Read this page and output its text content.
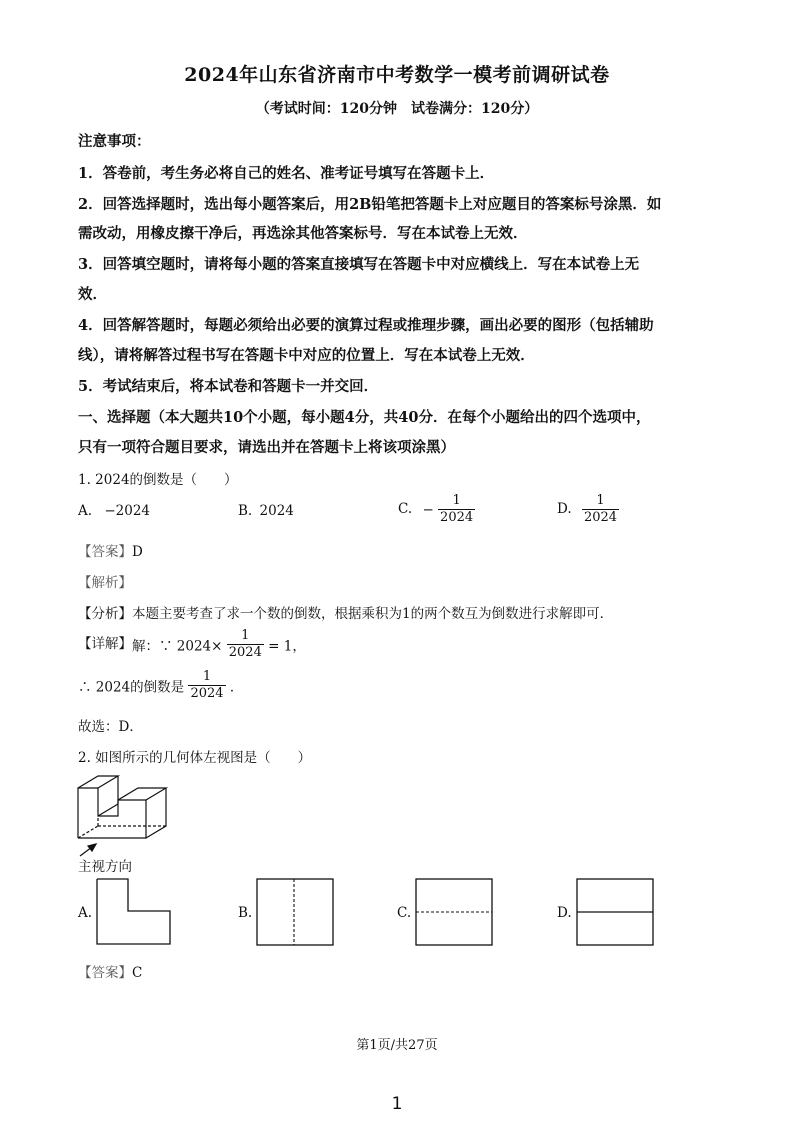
2024年山东省济南市中考数学一模考前调研试卷
（考试时间：120分钟　试卷满分：120分）
注意事项：
1．答卷前，考生务必将自己的姓名、准考证号填写在答题卡上．
2．回答选择题时，选出每小题答案后，用2B铅笔把答题卡上对应题目的答案标号涂黑．如
需改动，用橡皮擦干净后，再选涂其他答案标号．写在本试卷上无效．
3．回答填空题时，请将每小题的答案直接填写在答题卡中对应横线上．写在本试卷上无
效．
4．回答解答题时，每题必须给出必要的演算过程或推理步骤，画出必要的图形（包括辅助
线），请将解答过程书写在答题卡中对应的位置上．写在本试卷上无效．
5．考试结束后，将本试卷和答题卡一并交回．
一、选择题（本大题共10个小题，每小题4分，共40分．在每个小题给出的四个选项中，
只有一项符合题目要求，请选出并在答题卡上将该项涂黑）
1. 2024的倒数是（　　）
A. −2024	B. 2024	C. − $\frac{1}{2024}$	D. $\frac{1}{2024}$
【答案】D
【解析】
【分析】本题主要考查了求一个数的倒数，根据乘积为1的两个数互为倒数进行求解即可．
【详解】解：∵ $2024\times \frac{1}{2024} = 1$，
∴ 2024的倒数是 $\frac{1}{2024}$ ．
故选：D．
2. 如图所示的几何体左视图是（　　）
主视方向
A.	B.	C.	D.
【答案】C
第1页/共27页
1
